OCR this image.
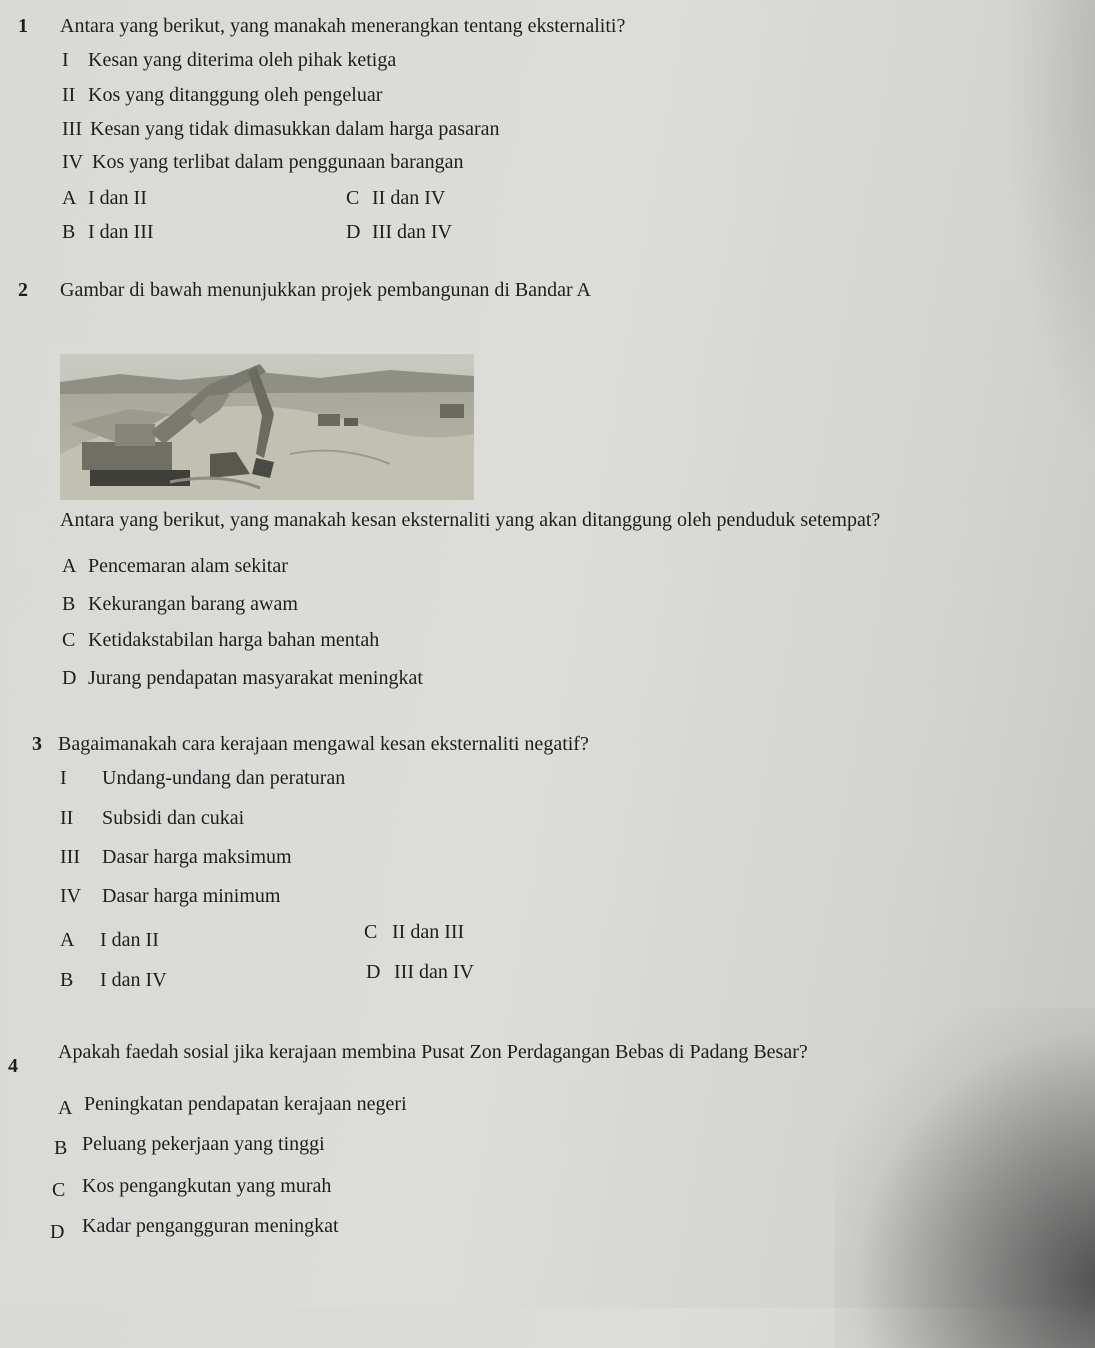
1 Antara yang berikut, yang manakah menerangkan tentang eksternaliti?
I Kesan yang diterima oleh pihak ketiga
II Kos yang ditanggung oleh pengeluar
III Kesan yang tidak dimasukkan dalam harga pasaran
IV Kos yang terlibat dalam penggunaan barangan
A I dan II	C II dan IV
B I dan III	D III dan IV
2 Gambar di bawah menunjukkan projek pembangunan di Bandar A
Antara yang berikut, yang manakah kesan eksternaliti yang akan ditanggung oleh penduduk setempat?
A Pencemaran alam sekitar
B Kekurangan barang awam
C Ketidakstabilan harga bahan mentah
D Jurang pendapatan masyarakat meningkat
3 Bagaimanakah cara kerajaan mengawal kesan eksternaliti negatif?
I Undang-undang dan peraturan
II Subsidi dan cukai
III Dasar harga maksimum
IV Dasar harga minimum
A I dan II	C II dan III
B I dan IV	D III dan IV
4
Apakah faedah sosial jika kerajaan membina Pusat Zon Perdagangan Bebas di Padang Besar?
A Peningkatan pendapatan kerajaan negeri
B Peluang pekerjaan yang tinggi
C Kos pengangkutan yang murah
D Kadar pengangguran meningkat
